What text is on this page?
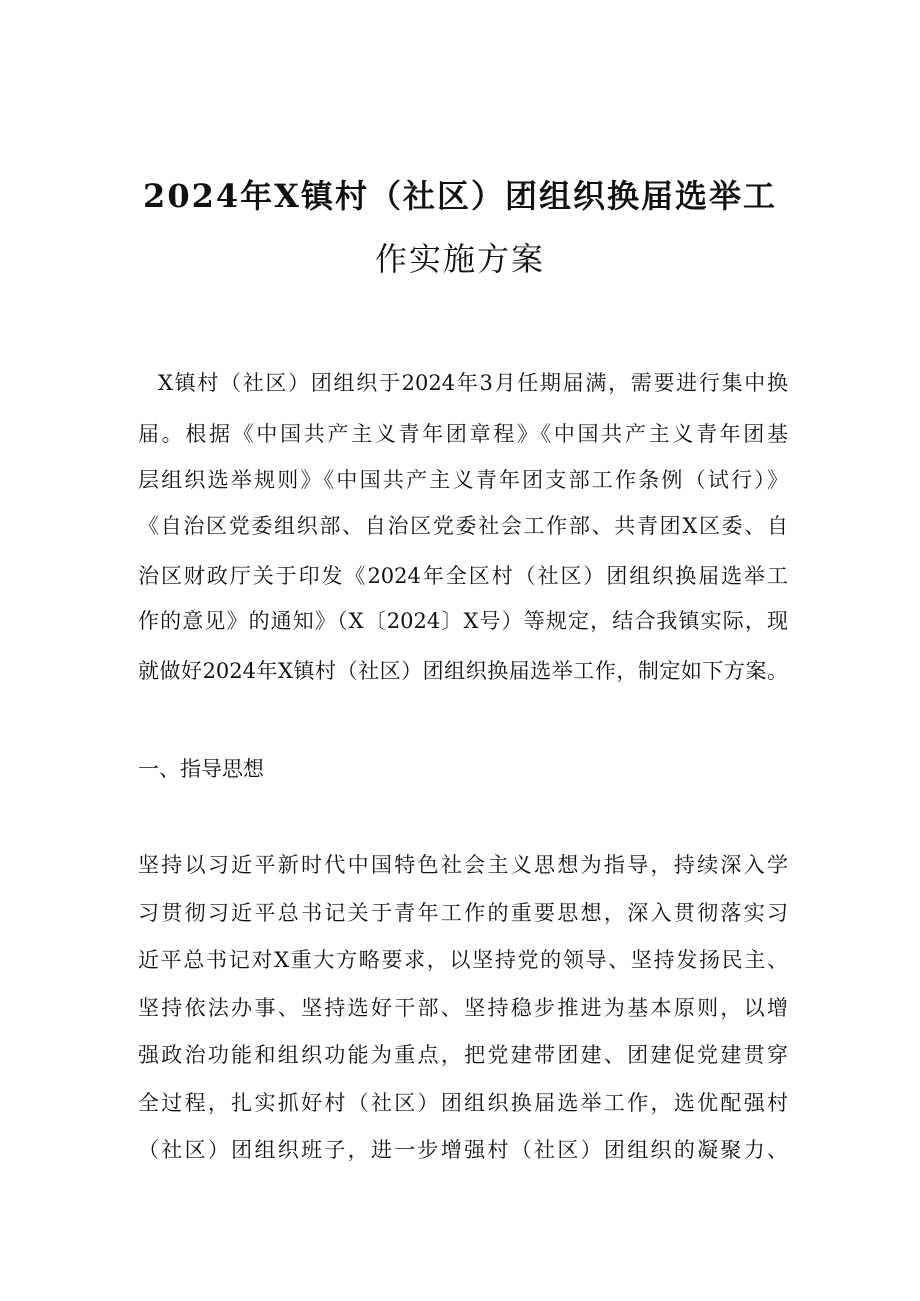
2024年X镇村（社区）团组织换届选举工
作实施方案
X镇村（社区）团组织于2024年3月任期届满，需要进行集中换
届。根据《中国共产主义青年团章程》《中国共产主义青年团基
层组织选举规则》《中国共产主义青年团支部工作条例（试行）》
《自治区党委组织部、自治区党委社会工作部、共青团X区委、自
治区财政厅关于印发《2024年全区村（社区）团组织换届选举工
作的意见》的通知》（X〔2024〕X号）等规定，结合我镇实际，现
就做好2024年X镇村（社区）团组织换届选举工作，制定如下方案。
一、指导思想
坚持以习近平新时代中国特色社会主义思想为指导，持续深入学
习贯彻习近平总书记关于青年工作的重要思想，深入贯彻落实习
近平总书记对X重大方略要求，以坚持党的领导、坚持发扬民主、
坚持依法办事、坚持选好干部、坚持稳步推进为基本原则，以增
强政治功能和组织功能为重点，把党建带团建、团建促党建贯穿
全过程，扎实抓好村（社区）团组织换届选举工作，选优配强村
（社区）团组织班子，进一步增强村（社区）团组织的凝聚力、
